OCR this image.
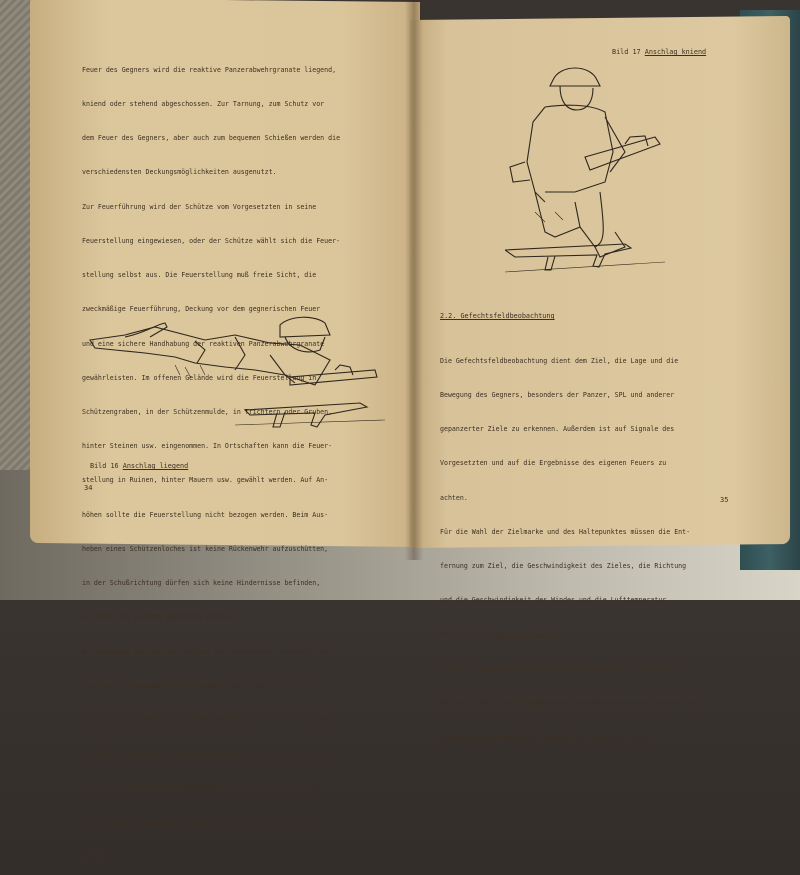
Feuer des Gegners wird die reaktive Panzerabwehrgranate liegend,

kniend oder stehend abgeschossen. Zur Tarnung, zum Schutz vor

dem Feuer des Gegners, aber auch zum bequemen Schießen werden die

verschiedensten Deckungsmöglichkeiten ausgenutzt.

Zur Feuerführung wird der Schütze vom Vorgesetzten in seine

Feuerstellung eingewiesen, oder der Schütze wählt sich die Feuer-

stellung selbst aus. Die Feuerstellung muß freie Sicht, die

zweckmäßige Feuerführung, Deckung vor dem gegnerischen Feuer

und eine sichere Handhabung der reaktiven Panzerabwehrgranate

gewährleisten. Im offenen Gelände wird die Feuerstellung in

Schützengraben, in der Schützenmulde, in Trichtern oder Gruben,

hinter Steinen usw. eingenommen. In Ortschaften kann die Feuer-

stellung in Ruinen, hinter Mauern usw. gewählt werden. Auf An-

höhen sollte die Feuerstellung nicht bezogen werden. Beim Aus-

heben eines Schützenloches ist keine Rückenwehr aufzuschütten,

in der Schußrichtung dürfen sich keine Hindernisse befinden,

an denen die Granate abprallen könnte.

Auf Kommando bezieht der Schütze die angewiesene Feuerstellung,

legt die strukturmäßige Schützenwaffe ab (außer Pistole) und

geht, ohne die reaktive Panzerabwehrgranate in die Gefechtslage

überführt zu haben, in den Anschlag (Bilder 16, 17, 18). Dabei

wird die reaktive Panzerabwehrgranate mit der linken Hand am

mittleren Teil unten und mit der rechten Hand am Rohrboden

erfaßt.

Bild 16 Anschlag liegend
34
Bild 17 Anschlag kniend
2.2. Gefechtsfeldbeobachtung

Die Gefechtsfeldbeobachtung dient dem Ziel, die Lage und die

Bewegung des Gegners, besonders der Panzer, SPL und anderer

gepanzerter Ziele zu erkennen. Außerdem ist auf Signale des

Vorgesetzten und auf die Ergebnisse des eigenen Feuers zu

achten.

Für die Wahl der Zielmarke und des Haltepunktes müssen die Ent-

fernung zum Ziel, die Geschwindigkeit des Zieles, die Richtung

und die Geschwindigkeit des Windes und die Lufttemperatur

bestimmt oder geschätzt werden.

Die Entfernung zum Ziel kann mit der Zielmarke 15 bestimmt wer-

den (Bild 18). Zum Einschätzen der Windgeschwindigkeit können die

Angaben entsprechend der Tabelle 1 herangezogen werden.

35
